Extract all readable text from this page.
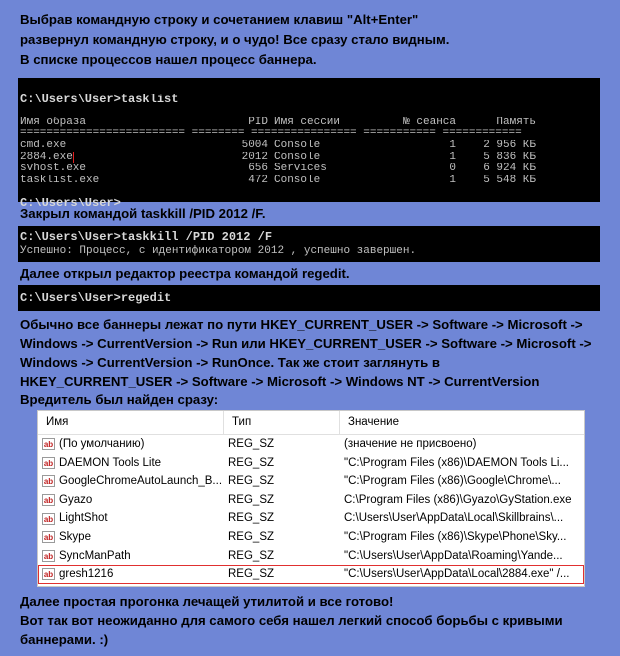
Выбрав командную строку и сочетанием клавиш "Alt+Enter"
развернул командную строку, и о чудо! Все сразу стало видным.
В списке процессов нашел процесс баннера.
C:\Users\User>tasklist
Имя образа	PID Имя сессии	№ сеанса	Память
========================= ======== ================ =========== ============
cmd.exe	5004 Console	1	2 956 КБ
2884.exe	2012 Console	1	5 836 КБ
svhost.exe	656 Services	0	6 924 КБ
tasklist.exe	472 Console	1	5 548 КБ
C:\Users\User>
Закрыл командой taskkill /PID 2012 /F.
C:\Users\User>taskkill /PID 2012 /F
Успешно: Процесс, с идентификатором 2012 , успешно завершен.
Далее открыл редактор реестра командой regedit.
C:\Users\User>regedit
Обычно все баннеры лежат по пути HKEY_CURRENT_USER -> Software -> Microsoft ->
Windows -> CurrentVersion -> Run или HKEY_CURRENT_USER -> Software -> Microsoft ->
Windows -> CurrentVersion -> RunOnce. Так же стоит заглянуть в
HKEY_CURRENT_USER -> Software -> Microsoft -> Windows NT -> CurrentVersion
Вредитель был найден сразу:
Имя	Тип	Значение
ab (По умолчанию)	REG_SZ	(значение не присвоено)
ab DAEMON Tools Lite	REG_SZ	"C:\Program Files (x86)\DAEMON Tools Li...
ab GoogleChromeAutoLaunch_B... REG_SZ	"C:\Program Files (x86)\Google\Chrome\...
ab Gyazo	REG_SZ	C:\Program Files (x86)\Gyazo\GyStation.exe
ab LightShot	REG_SZ	C:\Users\User\AppData\Local\Skillbrains\...
ab Skype	REG_SZ	"C:\Program Files (x86)\Skype\Phone\Sky...
ab SyncManPath	REG_SZ	"C:\Users\User\AppData\Roaming\Yande...
ab gresh1216	REG_SZ	"C:\Users\User\AppData\Local\2884.exe" /...
Далее простая прогонка лечащей утилитой и все готово!
Вот так вот неожиданно для самого себя нашел легкий способ борьбы с кривыми
баннерами. :)
